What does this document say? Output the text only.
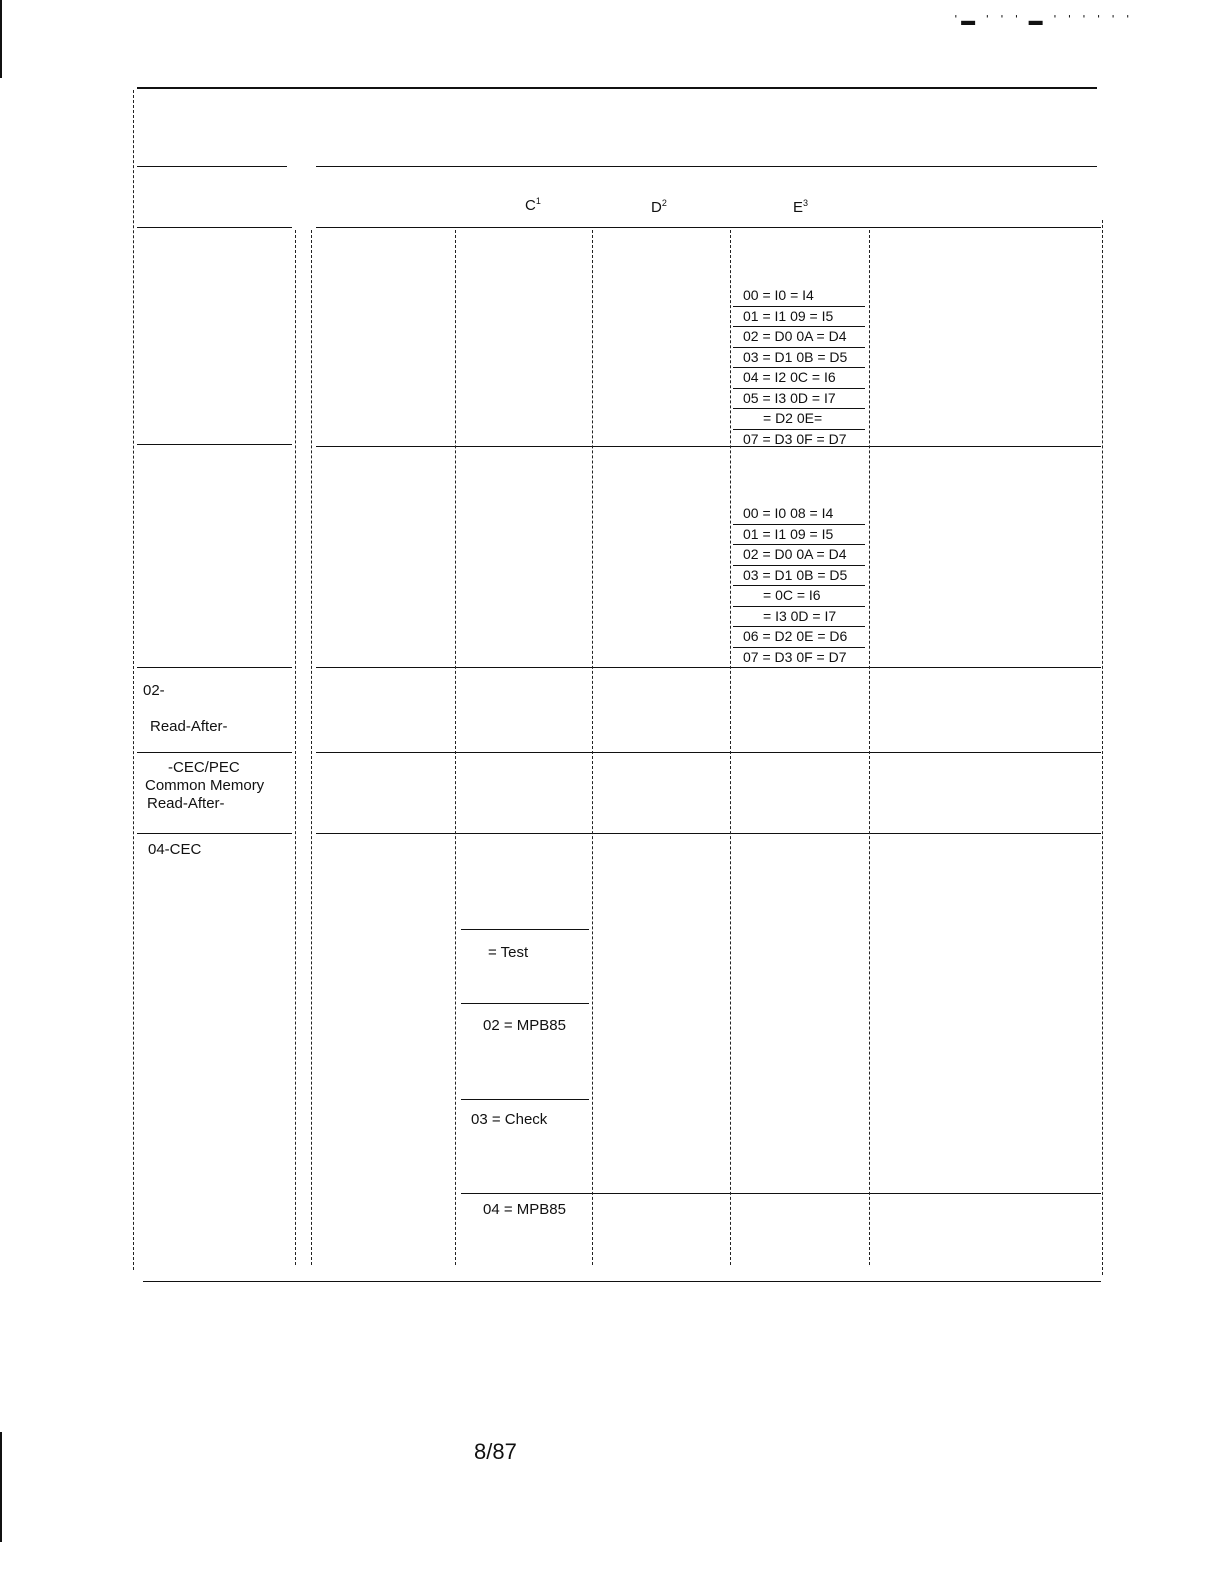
ˈ▬ ˈ ˈ ˈ ▬ ˈ ˈ ˈ ˈ ˈ ˈ
$C^1$	$D^2$	$E^3$
00 = I0 = I4
01 = I1 09 = I5
02 = D0 0A = D4
03 = D1 0B = D5
04 = I2 0C = I6
05 = I3 0D = I7
= D2 0E=
07 = D3 0F = D7
00 = I0 08 = I4
01 = I1 09 = I5
02 = D0 0A = D4
03 = D1 0B = D5
= 0C = I6
= I3 0D = I7
06 = D2 0E = D6
07 = D3 0F = D7
02-
Read-After-
-CEC/PEC
Common Memory
Read-After-
04-CEC
= Test
02 = MPB85
03 = Check
04 = MPB85
8/87
